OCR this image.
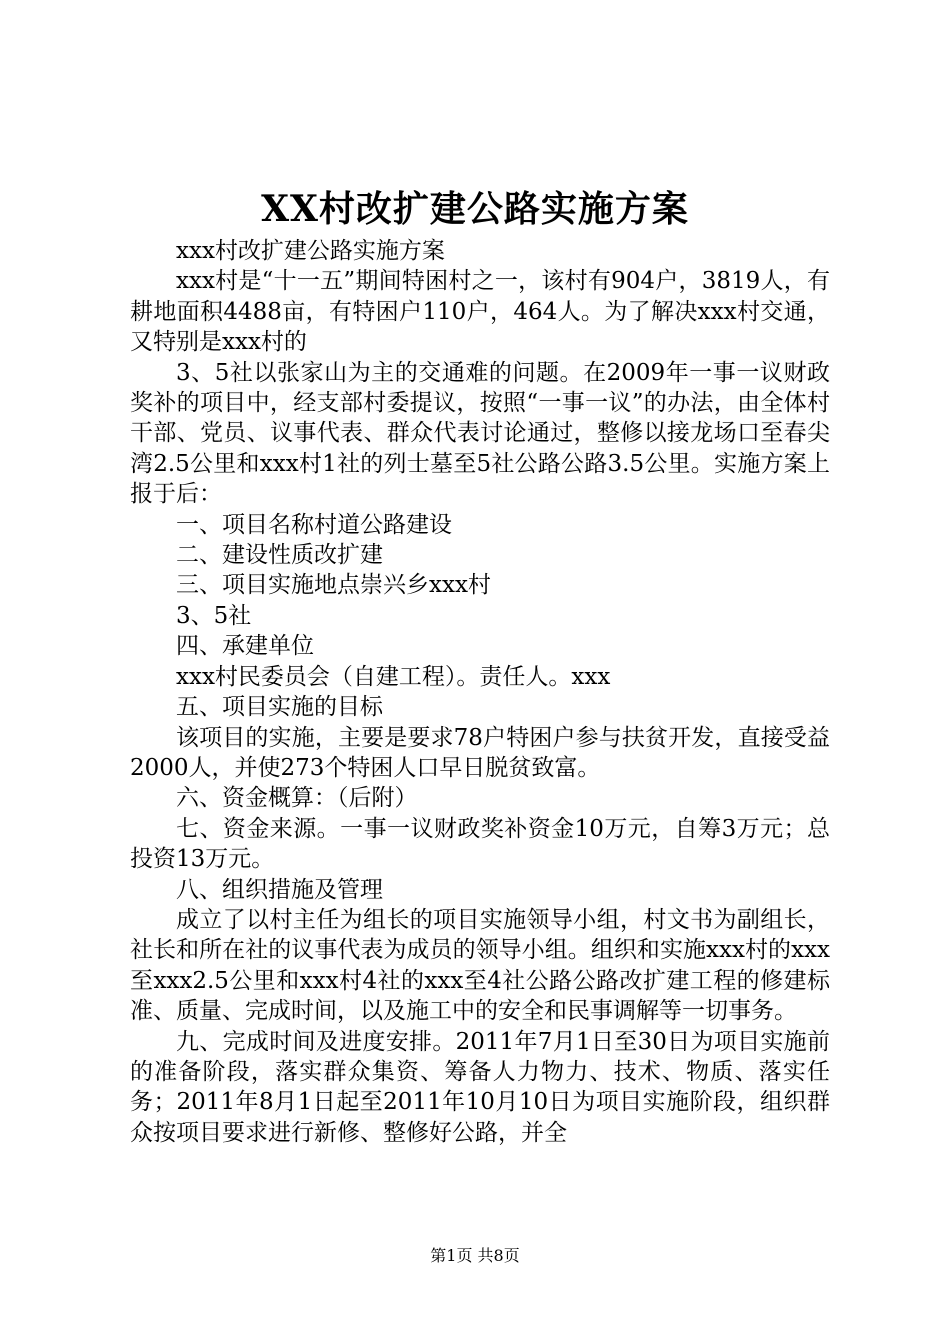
XX村改扩建公路实施方案

xxx村改扩建公路实施方案

xxx村是“十一五”期间特困村之一，该村有904户，3819人，有耕地面积4488亩，有特困户110户，464人。为了解决xxx村交通，又特别是xxx村的

3、5社以张家山为主的交通难的问题。在2009年一事一议财政奖补的项目中，经支部村委提议，按照“一事一议”的办法，由全体村干部、党员、议事代表、群众代表讨论通过，整修以接龙场口至春尖湾2.5公里和xxx村1社的列士墓至5社公路公路3.5公里。实施方案上报于后：

一、项目名称村道公路建设

二、建设性质改扩建

三、项目实施地点崇兴乡xxx村

3、5社

四、承建单位

xxx村民委员会（自建工程）。责任人。xxx

五、项目实施的目标

该项目的实施，主要是要求78户特困户参与扶贫开发，直接受益2000人，并使273个特困人口早日脱贫致富。

六、资金概算：（后附）

七、资金来源。一事一议财政奖补资金10万元，自筹3万元；总投资13万元。

八、组织措施及管理

成立了以村主任为组长的项目实施领导小组，村文书为副组长，社长和所在社的议事代表为成员的领导小组。组织和实施xxx村的xxx至xxx2.5公里和xxx村4社的xxx至4社公路公路改扩建工程的修建标准、质量、完成时间，以及施工中的安全和民事调解等一切事务。

九、完成时间及进度安排。2011年7月1日至30日为项目实施前的准备阶段，落实群众集资、筹备人力物力、技术、物质、落实任务；2011年8月1日起至2011年10月10日为项目实施阶段，组织群众按项目要求进行新修、整修好公路，并全

第1页 共8页
